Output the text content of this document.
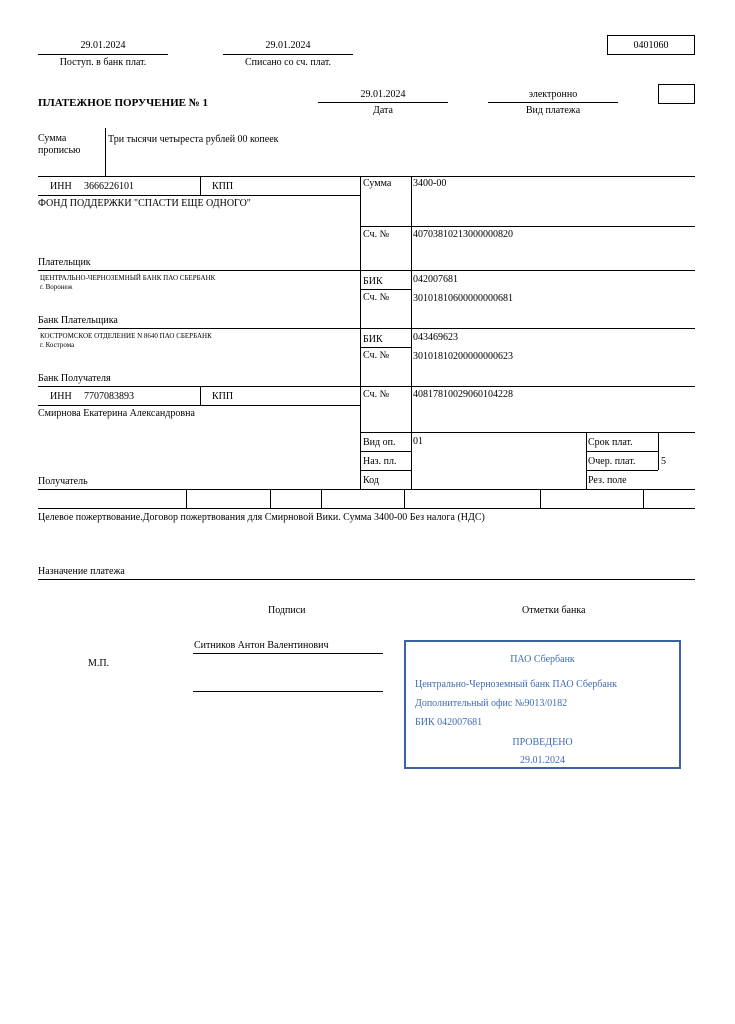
29.01.2024
Поступ. в банк плат.
29.01.2024
Списано со сч. плат.
0401060
ПЛАТЕЖНОЕ ПОРУЧЕНИЕ № 1
29.01.2024
Дата
электронно
Вид платежа
Сумма
прописью
Три тысячи четыреста рублей 00 копеек
ИНН 3666226101	КПП
ФОНД ПОДДЕРЖКИ "СПАСТИ ЕЩЕ ОДНОГО"
Плательщик
Сумма 3400-00
Сч. № 40703810213000000820
ЦЕНТРАЛЬНО-ЧЕРНОЗЕМНЫЙ БАНК ПАО СБЕРБАНК
г. Воронеж
Банк Плательщика
БИК	042007681
Сч. № 30101810600000000681
КОСТРОМСКОЕ ОТДЕЛЕНИЕ N 8640 ПАО СБЕРБАНК
г. Кострома
Банк Получателя
БИК	043469623
Сч. № 30101810200000000623
ИНН 7707083893	КПП
Смирнова Екатерина Александровна
Получатель
Сч. № 40817810029060104228
Вид оп. 01
Наз. пл.
Код
Срок плат.
Очер. плат.	5
Рез. поле
Целевое пожертвование.Договор пожертвования для Смирновой Вики. Сумма 3400-00 Без налога (НДС)
Назначение платежа
Подписи	Отметки банка
Ситников Антон Валентинович
М.П.	ПАО Сбербанк
Центрально-Черноземный банк ПАО Сбербанк
Дополнительный офис №9013/0182
БИК 042007681
ПРОВЕДЕНО
29.01.2024
